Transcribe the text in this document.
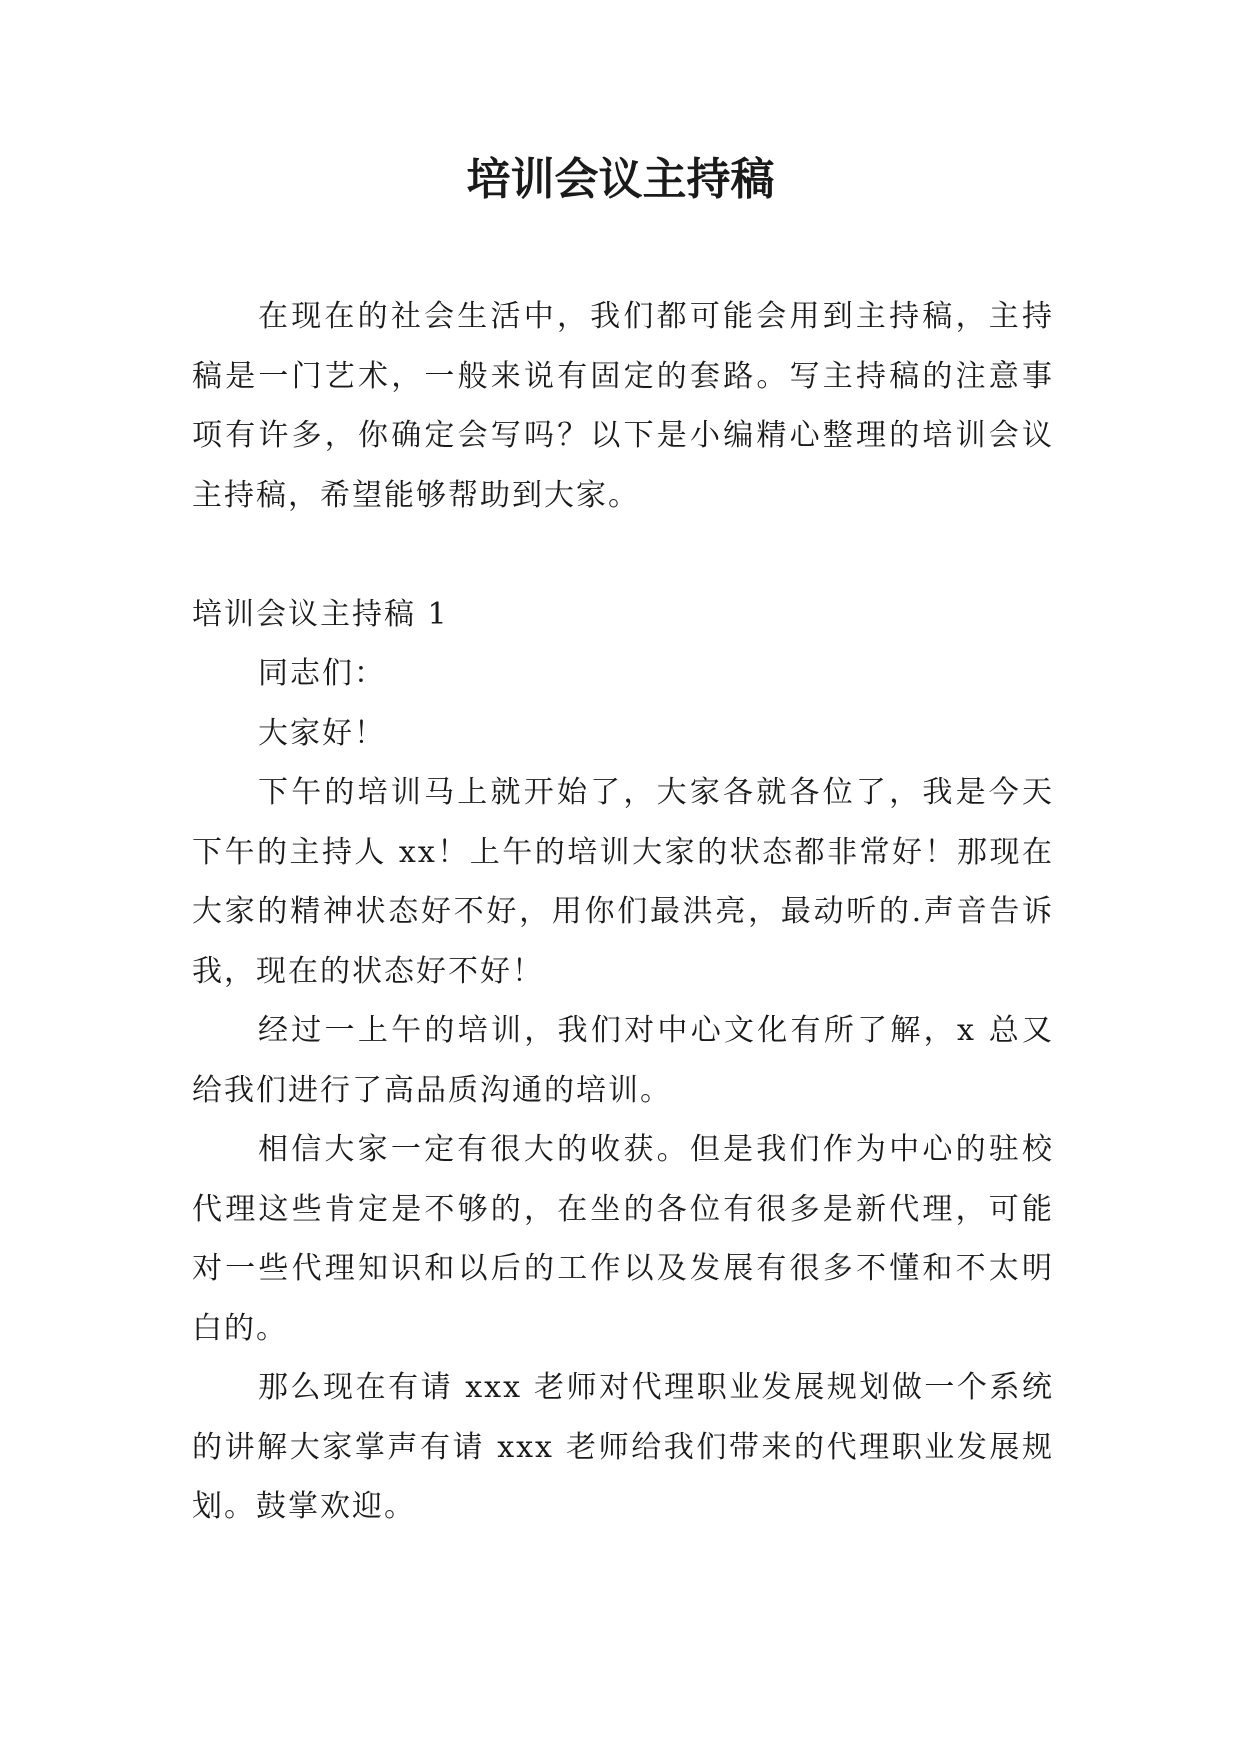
培训会议主持稿

在现在的社会生活中，我们都可能会用到主持稿，主持稿是一门艺术，一般来说有固定的套路。写主持稿的注意事项有许多，你确定会写吗？以下是小编精心整理的培训会议主持稿，希望能够帮助到大家。

培训会议主持稿 1

同志们：

大家好！

下午的培训马上就开始了，大家各就各位了，我是今天下午的主持人 xx！上午的培训大家的状态都非常好！那现在大家的精神状态好不好，用你们最洪亮，最动听的.声音告诉我，现在的状态好不好！

经过一上午的培训，我们对中心文化有所了解，x 总又给我们进行了高品质沟通的培训。

相信大家一定有很大的收获。但是我们作为中心的驻校代理这些肯定是不够的，在坐的各位有很多是新代理，可能对一些代理知识和以后的工作以及发展有很多不懂和不太明白的。

那么现在有请 xxx 老师对代理职业发展规划做一个系统的讲解大家掌声有请 xxx 老师给我们带来的代理职业发展规划。鼓掌欢迎。
